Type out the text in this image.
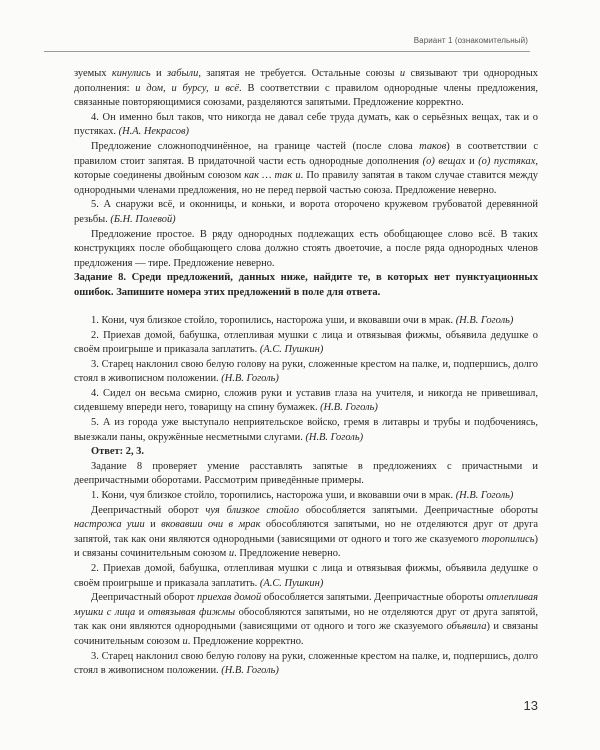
Вариант 1 (ознакомительный)

зуемых кинулись и забыли, запятая не требуется. Остальные союзы и связывают три однородных дополнения: и дом, и бурсу, и всё. В соответствии с правилом однородные члены предложения, связанные повторяющимися союзами, разделяются запятыми. Предложение корректно.

4. Он именно был таков, что никогда не давал себе труда думать, как о серьёзных вещах, так и о пустяках. (Н.А. Некрасов)

Предложение сложноподчинённое, на границе частей (после слова таков) в соответствии с правилом стоит запятая. В придаточной части есть однородные дополнения (о) вещах и (о) пустяках, которые соединены двойным союзом как … так и. По правилу запятая в таком случае ставится между однородными членами предложения, но не перед первой частью союза. Предложение неверно.

5. А снаружи всё, и оконницы, и коньки, и ворота оторочено кружевом грубоватой деревянной резьбы. (Б.Н. Полевой)

Предложение простое. В ряду однородных подлежащих есть обобщающее слово всё. В таких конструкциях после обобщающего слова должно стоять двоеточие, а после ряда однородных членов предложения — тире. Предложение неверно.

Задание 8. Среди предложений, данных ниже, найдите те, в которых нет пунктуационных ошибок. Запишите номера этих предложений в поле для ответа.

1. Кони, чуя близкое стойло, торопились, насторожа уши, и вковавши очи в мрак. (Н.В. Гоголь)

2. Приехав домой, бабушка, отлепливая мушки с лица и отвязывая фижмы, объявила дедушке о своём проигрыше и приказала заплатить. (А.С. Пушкин)

3. Старец наклонил свою белую голову на руки, сложенные крестом на палке, и, подпершись, долго стоял в живописном положении. (Н.В. Гоголь)

4. Сидел он весьма смирно, сложив руки и уставив глаза на учителя, и никогда не привешивал, сидевшему впереди него, товарищу на спину бумажек. (Н.В. Гоголь)

5. А из города уже выступало неприятельское войско, гремя в литавры и трубы и подбочениясь, выезжали паны, окружённые несметными слугами. (Н.В. Гоголь)

Ответ: 2, 3.

Задание 8 проверяет умение расставлять запятые в предложениях с причастными и деепричастными оборотами. Рассмотрим приведённые примеры.

1. Кони, чуя близкое стойло, торопились, насторожа уши, и вковавши очи в мрак. (Н.В. Гоголь)

Деепричастный оборот чуя близкое стойло обособляется запятыми. Деепричастные обороты настрожа уши и вковавши очи в мрак обособляются запятыми, но не отделяются друг от друга запятой, так как они являются однородными (зависящими от одного и того же сказуемого торопились) и связаны сочинительным союзом и. Предложение неверно.

2. Приехав домой, бабушка, отлепливая мушки с лица и отвязывая фижмы, объявила дедушке о своём проигрыше и приказала заплатить. (А.С. Пушкин)

Деепричастный оборот приехав домой обособляется запятыми. Деепричастные обороты отлепливая мушки с лица и отвязывая фижмы обособляются запятыми, но не отделяются друг от друга запятой, так как они являются однородными (зависящими от одного и того же сказуемого объявила) и связаны сочинительным союзом и. Предложение корректно.

3. Старец наклонил свою белую голову на руки, сложенные крестом на палке, и, подпершись, долго стоял в живописном положении. (Н.В. Гоголь)

13
